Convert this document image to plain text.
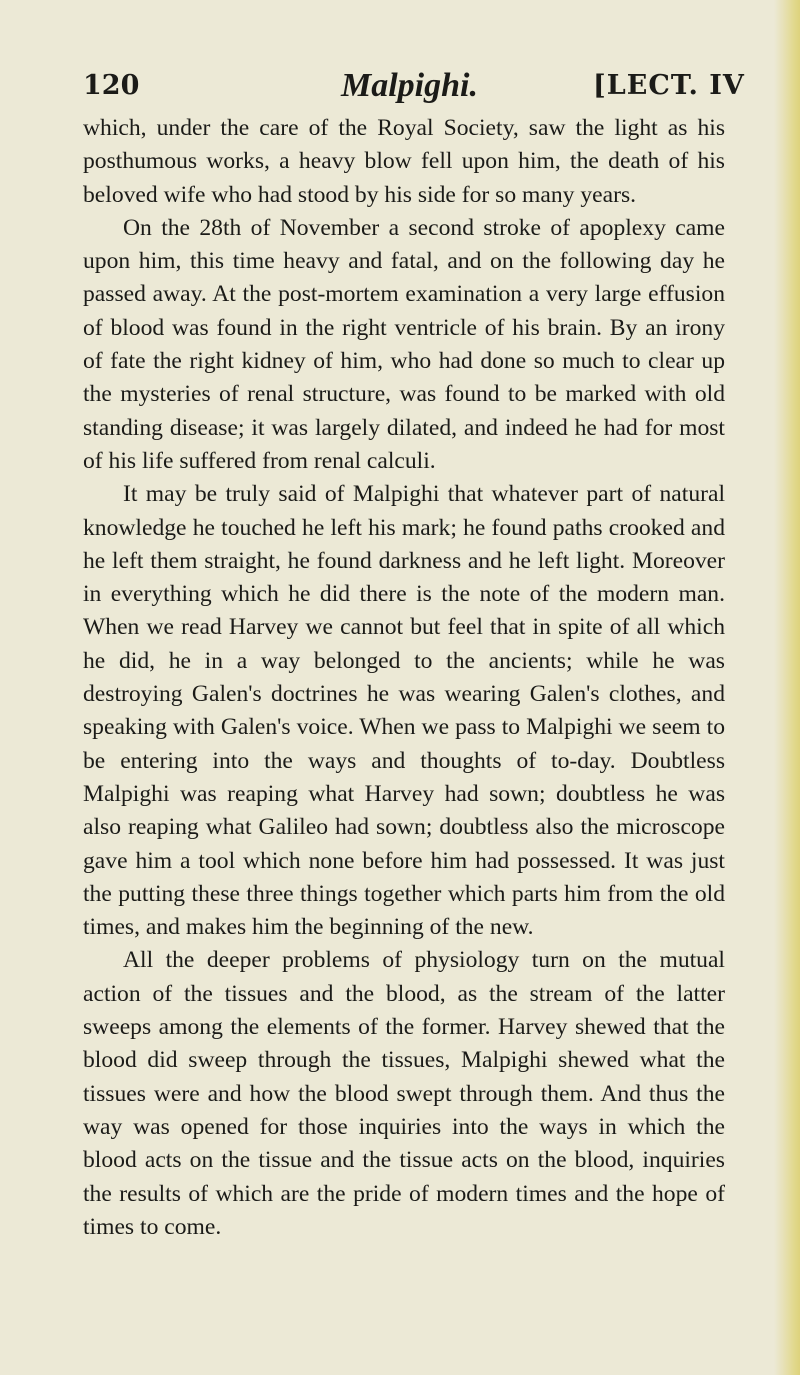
120	Malpighi.	[LECT. IV

which, under the care of the Royal Society, saw the light as his posthumous works, a heavy blow fell upon him, the death of his beloved wife who had stood by his side for so many years.

On the 28th of November a second stroke of apoplexy came upon him, this time heavy and fatal, and on the following day he passed away. At the post-mortem examination a very large effusion of blood was found in the right ventricle of his brain. By an irony of fate the right kidney of him, who had done so much to clear up the mysteries of renal structure, was found to be marked with old standing disease; it was largely dilated, and indeed he had for most of his life suffered from renal calculi.

It may be truly said of Malpighi that whatever part of natural knowledge he touched he left his mark; he found paths crooked and he left them straight, he found darkness and he left light. Moreover in everything which he did there is the note of the modern man. When we read Harvey we cannot but feel that in spite of all which he did, he in a way belonged to the ancients; while he was destroying Galen's doctrines he was wearing Galen's clothes, and speaking with Galen's voice. When we pass to Malpighi we seem to be entering into the ways and thoughts of to-day. Doubtless Malpighi was reaping what Harvey had sown; doubtless he was also reaping what Galileo had sown; doubtless also the microscope gave him a tool which none before him had possessed. It was just the putting these three things together which parts him from the old times, and makes him the beginning of the new.

All the deeper problems of physiology turn on the mutual action of the tissues and the blood, as the stream of the latter sweeps among the elements of the former. Harvey shewed that the blood did sweep through the tissues, Malpighi shewed what the tissues were and how the blood swept through them. And thus the way was opened for those inquiries into the ways in which the blood acts on the tissue and the tissue acts on the blood, inquiries the results of which are the pride of modern times and the hope of times to come.
